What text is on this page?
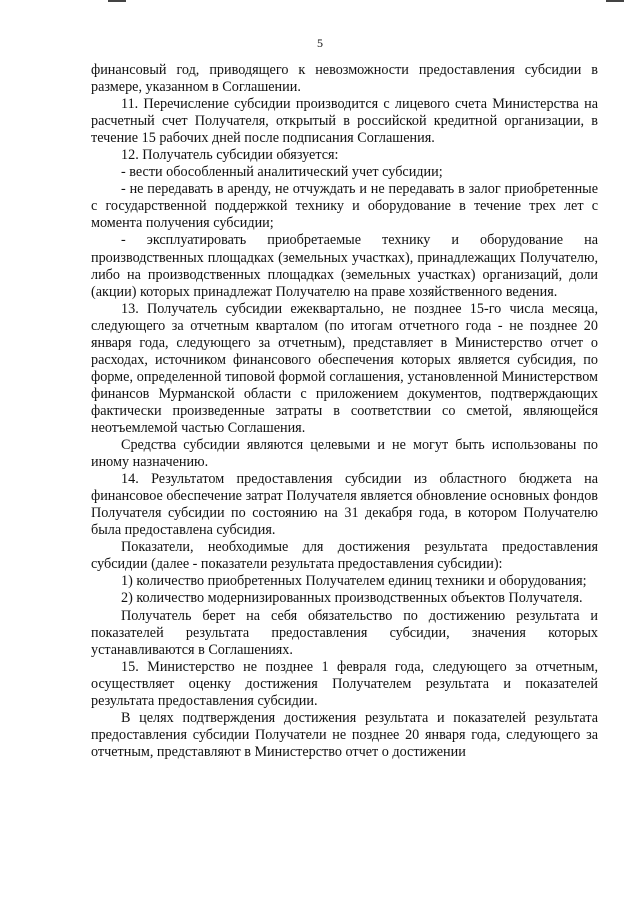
5

финансовый год, приводящего к невозможности предоставления субсидии в размере, указанном в Соглашении.

11. Перечисление субсидии производится с лицевого счета Министерства на расчетный счет Получателя, открытый в российской кредитной организации, в течение 15 рабочих дней после подписания Соглашения.

12. Получатель субсидии обязуется:

- вести обособленный аналитический учет субсидии;

- не передавать в аренду, не отчуждать и не передавать в залог приобретенные с государственной поддержкой технику и оборудование в течение трех лет с момента получения субсидии;

- эксплуатировать приобретаемые технику и оборудование на производственных площадках (земельных участках), принадлежащих Получателю, либо на производственных площадках (земельных участках) организаций, доли (акции) которых принадлежат Получателю на праве хозяйственного ведения.

13. Получатель субсидии ежеквартально, не позднее 15-го числа месяца, следующего за отчетным кварталом (по итогам отчетного года - не позднее 20 января года, следующего за отчетным), представляет в Министерство отчет о расходах, источником финансового обеспечения которых является субсидия, по форме, определенной типовой формой соглашения, установленной Министерством финансов Мурманской области с приложением документов, подтверждающих фактически произведенные затраты в соответствии со сметой, являющейся неотъемлемой частью Соглашения.

Средства субсидии являются целевыми и не могут быть использованы по иному назначению.

14. Результатом предоставления субсидии из областного бюджета на финансовое обеспечение затрат Получателя является обновление основных фондов Получателя субсидии по состоянию на 31 декабря года, в котором Получателю была предоставлена субсидия.

Показатели, необходимые для достижения результата предоставления субсидии (далее - показатели результата предоставления субсидии):

1) количество приобретенных Получателем единиц техники и оборудования;

2) количество модернизированных производственных объектов Получателя.

Получатель берет на себя обязательство по достижению результата и показателей результата предоставления субсидии, значения которых устанавливаются в Соглашениях.

15. Министерство не позднее 1 февраля года, следующего за отчетным, осуществляет оценку достижения Получателем результата и показателей результата предоставления субсидии.

В целях подтверждения достижения результата и показателей результата предоставления субсидии Получатели не позднее 20 января года, следующего за отчетным, представляют в Министерство отчет о достижении
